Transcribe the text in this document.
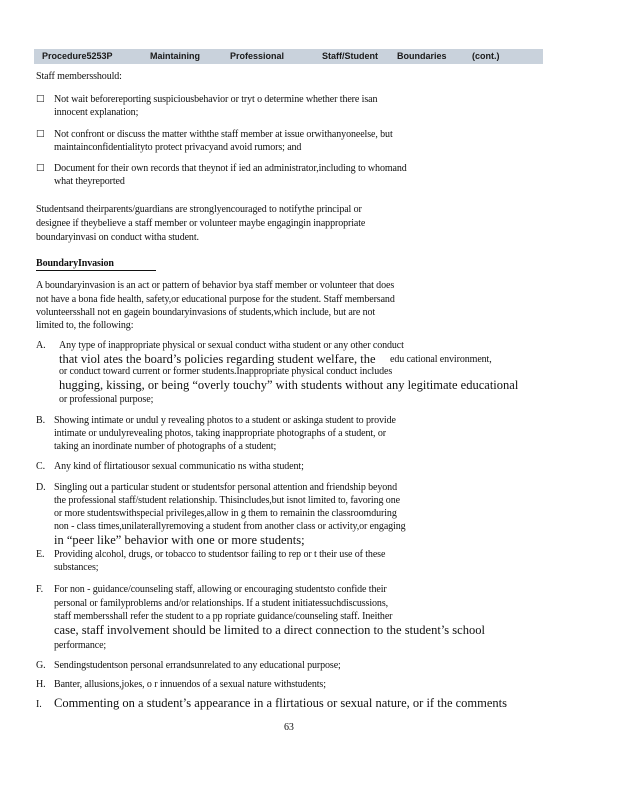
Procedure5253P	Maintaining	Professional	Staff/Student Boundaries	(cont.)
Staff membersshould:
□ Not wait beforereporting suspiciousbehavior or tryt o determine whether there isan
innocent explanation;
□ Not confront or discuss the matter withthe staff member at issue orwithanyoneelse, but
maintainconfidentialityto protect privacyand avoid rumors; and
□ Document for their own records that theynot if ied an administrator,including to whomand
what theyreported
Studentsand theirparents/guardians are stronglyencouraged to notifythe principal or
designee if theybelieve a staff member or volunteer maybe engagingin inappropriate
boundaryinvasi on conduct witha student.
BoundaryInvasion
A boundaryinvasion is an act or pattern of behavior bya staff member or volunteer that does
not have a bona fide health, safety,or educational purpose for the student. Staff membersand
volunteersshall not en gagein boundaryinvasions of students,which include, but are not
limited to, the following:
A. Any type of inappropriate physical or sexual conduct witha student or any other conduct
that viol ates the board’s policies regarding student welfare, the edu cational environment,
or conduct toward current or former students.Inappropriate physical conduct includes
hugging, kissing, or being “overly touchy” with students without any legitimate educational
or professional purpose;
B. Showing intimate or undul y revealing photos to a student or askinga student to provide
intimate or undulyrevealing photos, taking inappropriate photographs of a student, or
taking an inordinate number of photographs of a student;
C. Any kind of flirtatiousor sexual communicatio ns witha student;
D. Singling out a particular student or studentsfor personal attention and friendship beyond
the professional staff/student relationship. Thisincludes,but isnot limited to, favoring one
or more studentswithspecial privileges,allow in g them to remainin the classroomduring
non - class times,unilaterallyremoving a student from another class or activity,or engaging
in “peer like” behavior with one or more students;
E. Providing alcohol, drugs, or tobacco to studentsor failing to rep or t their use of these
substances;
F. For non - guidance/counseling staff, allowing or encouraging studentsto confide their
personal or familyproblems and/or relationships. If a student initiatessuchdiscussions,
staff membersshall refer the student to a pp ropriate guidance/counseling staff. Ineither
case, staff involvement should be limited to a direct connection to the student’s school
performance;
G. Sendingstudentson personal errandsunrelated to any educational purpose;
H. Banter, allusions,jokes, o r innuendos of a sexual nature withstudents;
I. Commenting on a student’s appearance in a flirtatious or sexual nature, or if the comments
63
